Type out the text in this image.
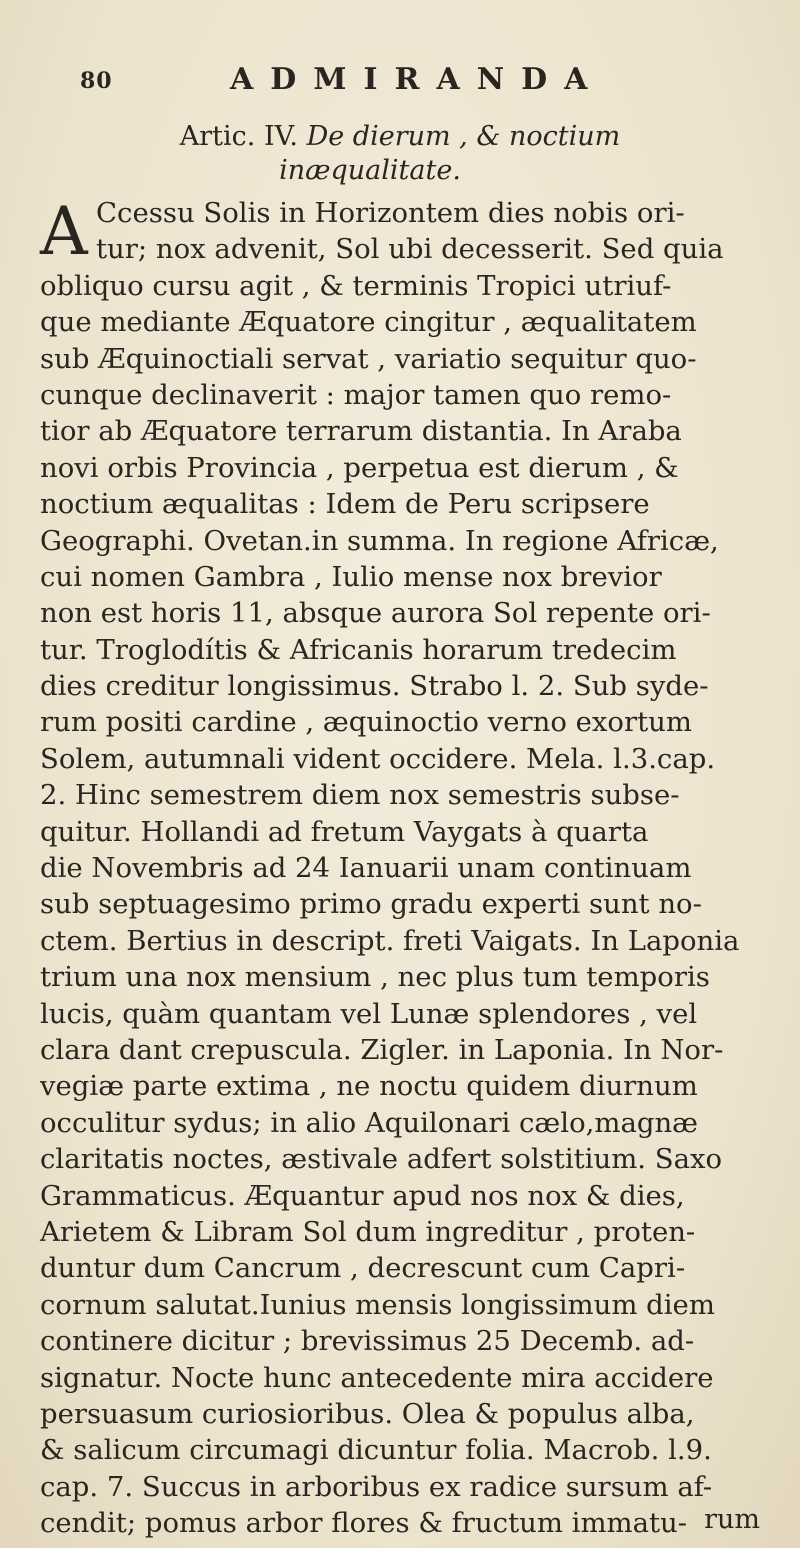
80	ADMIRANDA
Artic. IV. De dierum , & noctium
inæqualitate.
A Ccessu Solis in Horizontem dies nobis ori-
tur; nox advenit, Sol ubi decesserit. Sed quia
obliquo cursu agit , & terminis Tropici utriuf-
que mediante Æquatore cingitur , æqualitatem
sub Æquinoctiali servat , variatio sequitur quo-
cunque declinaverit : major tamen quo remo-
tior ab Æquatore terrarum distantia. In Araba
novi orbis Provincia , perpetua est dierum , &
noctium æqualitas : Idem de Peru scripsere
Geographi. Ovetan.in summa. In regione Africæ,
cui nomen Gambra , Iulio mense nox brevior
non est horis 11, absque aurora Sol repente ori-
tur. Troglodítis & Africanis horarum tredecim
dies creditur longissimus. Strabo l. 2. Sub syde-
rum positi cardine , æquinoctio verno exortum
Solem, autumnali vident occidere. Mela. l.3.cap.
2. Hinc semestrem diem nox semestris subse-
quitur. Hollandi ad fretum Vaygats à quarta
die Novembris ad 24 Ianuarii unam continuam
sub septuagesimo primo gradu experti sunt no-
ctem. Bertius in descript. freti Vaigats. In Laponia
trium una nox mensium , nec plus tum temporis
lucis, quàm quantam vel Lunæ splendores , vel
clara dant crepuscula. Zigler. in Laponia. In Nor-
vegiæ parte extima , ne noctu quidem diurnum
occulitur sydus; in alio Aquilonari cælo,magnæ
claritatis noctes, æstivale adfert solstitium. Saxo
Grammaticus. Æquantur apud nos nox & dies,
Arietem & Libram Sol dum ingreditur , proten-
duntur dum Cancrum , decrescunt cum Capri-
cornum salutat.Iunius mensis longissimum diem
continere dicitur ; brevissimus 25 Decemb. ad-
signatur. Nocte hunc antecedente mira accidere
persuasum curiosioribus. Olea & populus alba,
& salicum circumagi dicuntur folia. Macrob. l.9.
cap. 7. Succus in arboribus ex radice sursum af-
cendit; pomus arbor flores & fructum immatu- rum
